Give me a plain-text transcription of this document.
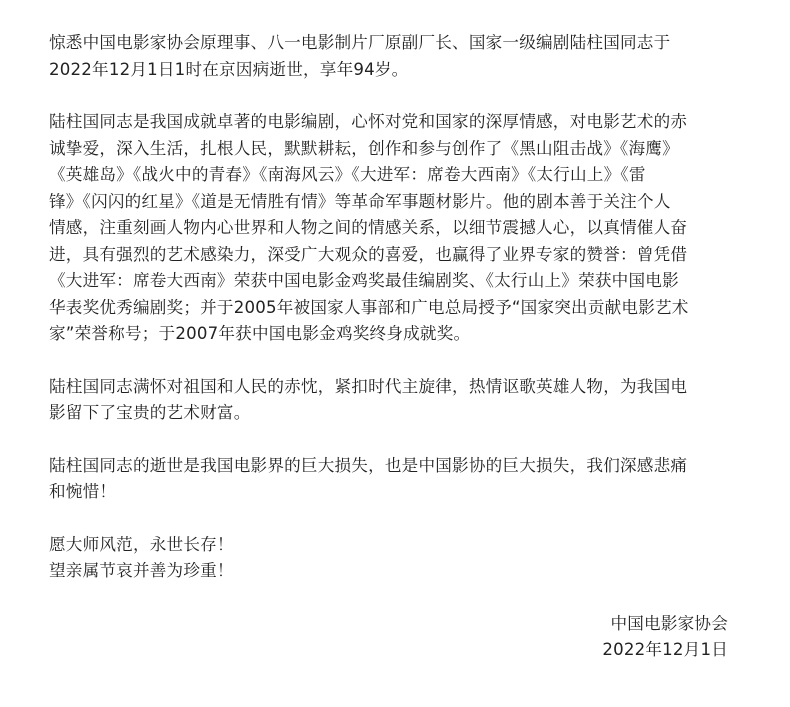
惊悉中国电影家协会原理事、八一电影制片厂原副厂长、国家一级编剧陆柱国同志于
2022年12月1日1时在京因病逝世，享年94岁。

陆柱国同志是我国成就卓著的电影编剧，心怀对党和国家的深厚情感，对电影艺术的赤
诚挚爱，深入生活，扎根人民，默默耕耘，创作和参与创作了《黑山阻击战》《海鹰》
《英雄岛》《战火中的青春》《南海风云》《大进军：席卷大西南》《太行山上》《雷
锋》《闪闪的红星》《道是无情胜有情》等革命军事题材影片。他的剧本善于关注个人
情感，注重刻画人物内心世界和人物之间的情感关系，以细节震撼人心，以真情催人奋
进，具有强烈的艺术感染力，深受广大观众的喜爱，也赢得了业界专家的赞誉：曾凭借
《大进军：席卷大西南》荣获中国电影金鸡奖最佳编剧奖、《太行山上》荣获中国电影
华表奖优秀编剧奖；并于2005年被国家人事部和广电总局授予“国家突出贡献电影艺术
家”荣誉称号；于2007年获中国电影金鸡奖终身成就奖。

陆柱国同志满怀对祖国和人民的赤忱，紧扣时代主旋律，热情讴歌英雄人物，为我国电
影留下了宝贵的艺术财富。

陆柱国同志的逝世是我国电影界的巨大损失，也是中国影协的巨大损失，我们深感悲痛
和惋惜！

愿大师风范，永世长存！
望亲属节哀并善为珍重！

中国电影家协会
2022年12月1日
